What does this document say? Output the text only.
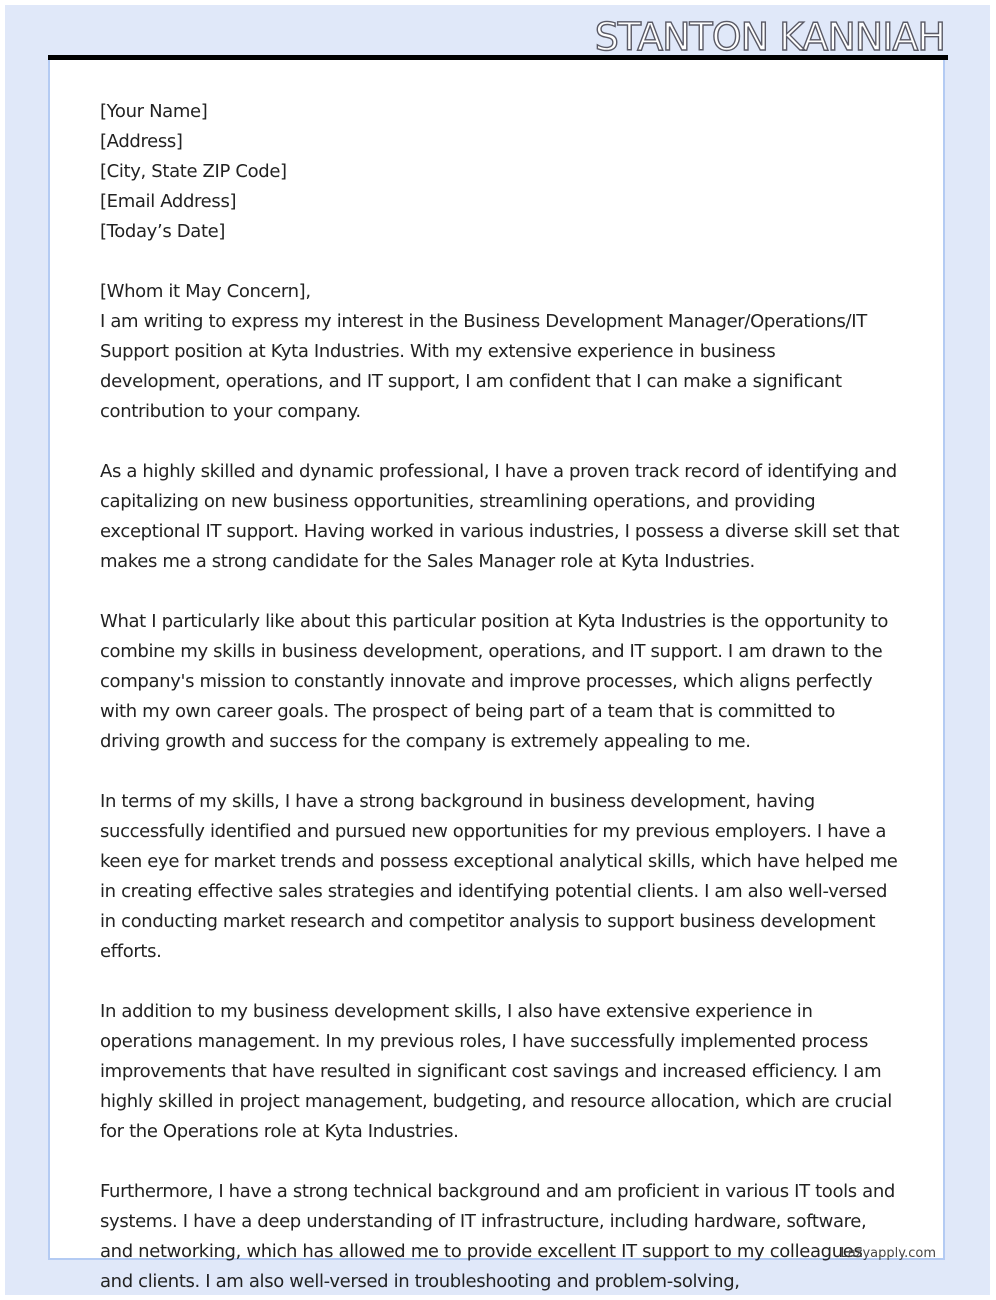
STANTON KANNIAH

[Your Name]

[Address]

[City, State ZIP Code]

[Email Address]

[Today’s Date]

[Whom it May Concern],

I am writing to express my interest in the Business Development Manager/Operations/IT Support position at Kyta Industries. With my extensive experience in business development, operations, and IT support, I am confident that I can make a significant contribution to your company.

As a highly skilled and dynamic professional, I have a proven track record of identifying and capitalizing on new business opportunities, streamlining operations, and providing exceptional IT support. Having worked in various industries, I possess a diverse skill set that makes me a strong candidate for the Sales Manager role at Kyta Industries.

What I particularly like about this particular position at Kyta Industries is the opportunity to combine my skills in business development, operations, and IT support. I am drawn to the company's mission to constantly innovate and improve processes, which aligns perfectly with my own career goals. The prospect of being part of a team that is committed to driving growth and success for the company is extremely appealing to me.

In terms of my skills, I have a strong background in business development, having successfully identified and pursued new opportunities for my previous employers. I have a keen eye for market trends and possess exceptional analytical skills, which have helped me in creating effective sales strategies and identifying potential clients. I am also well-versed in conducting market research and competitor analysis to support business development efforts.

In addition to my business development skills, I also have extensive experience in operations management. In my previous roles, I have successfully implemented process improvements that have resulted in significant cost savings and increased efficiency. I am highly skilled in project management, budgeting, and resource allocation, which are crucial for the Operations role at Kyta Industries.

Furthermore, I have a strong technical background and am proficient in various IT tools and systems. I have a deep understanding of IT infrastructure, including hardware, software, and networking, which has allowed me to provide excellent IT support to my colleagues and clients. I am also well-versed in troubleshooting and problem-solving,

Lazyapply.com
